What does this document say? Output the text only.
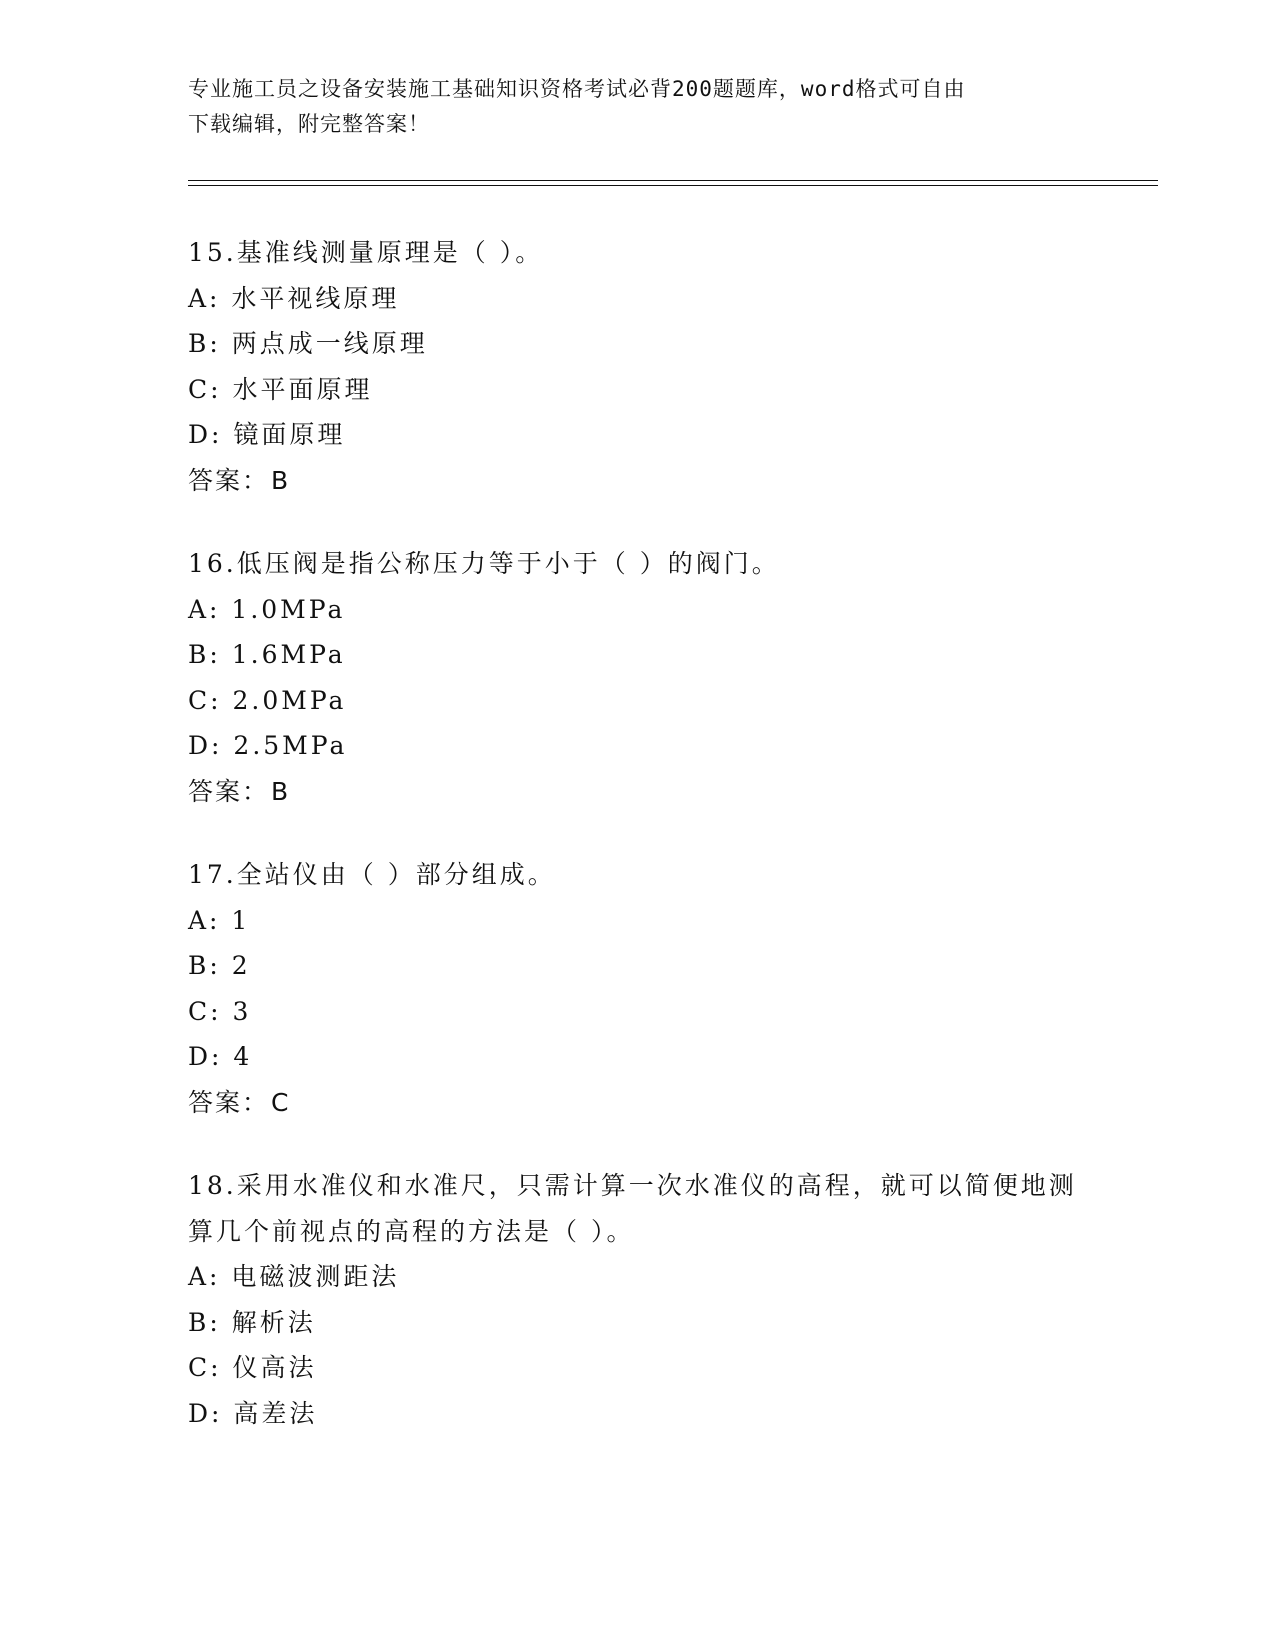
专业施工员之设备安装施工基础知识资格考试必背200题题库，word格式可自由
下载编辑，附完整答案！
15.基准线测量原理是（ ）。
A: 水平视线原理
B: 两点成一线原理
C: 水平面原理
D: 镜面原理
答案：B
16.低压阀是指公称压力等于小于（ ）的阀门。
A: 1.0MPa
B: 1.6MPa
C: 2.0MPa
D: 2.5MPa
答案：B
17.全站仪由（ ）部分组成。
A: 1
B: 2
C: 3
D: 4
答案：C
18.采用水准仪和水准尺，只需计算一次水准仪的高程，就可以简便地测算几个前视点的高程的方法是（ ）。
A: 电磁波测距法
B: 解析法
C: 仪高法
D: 高差法
